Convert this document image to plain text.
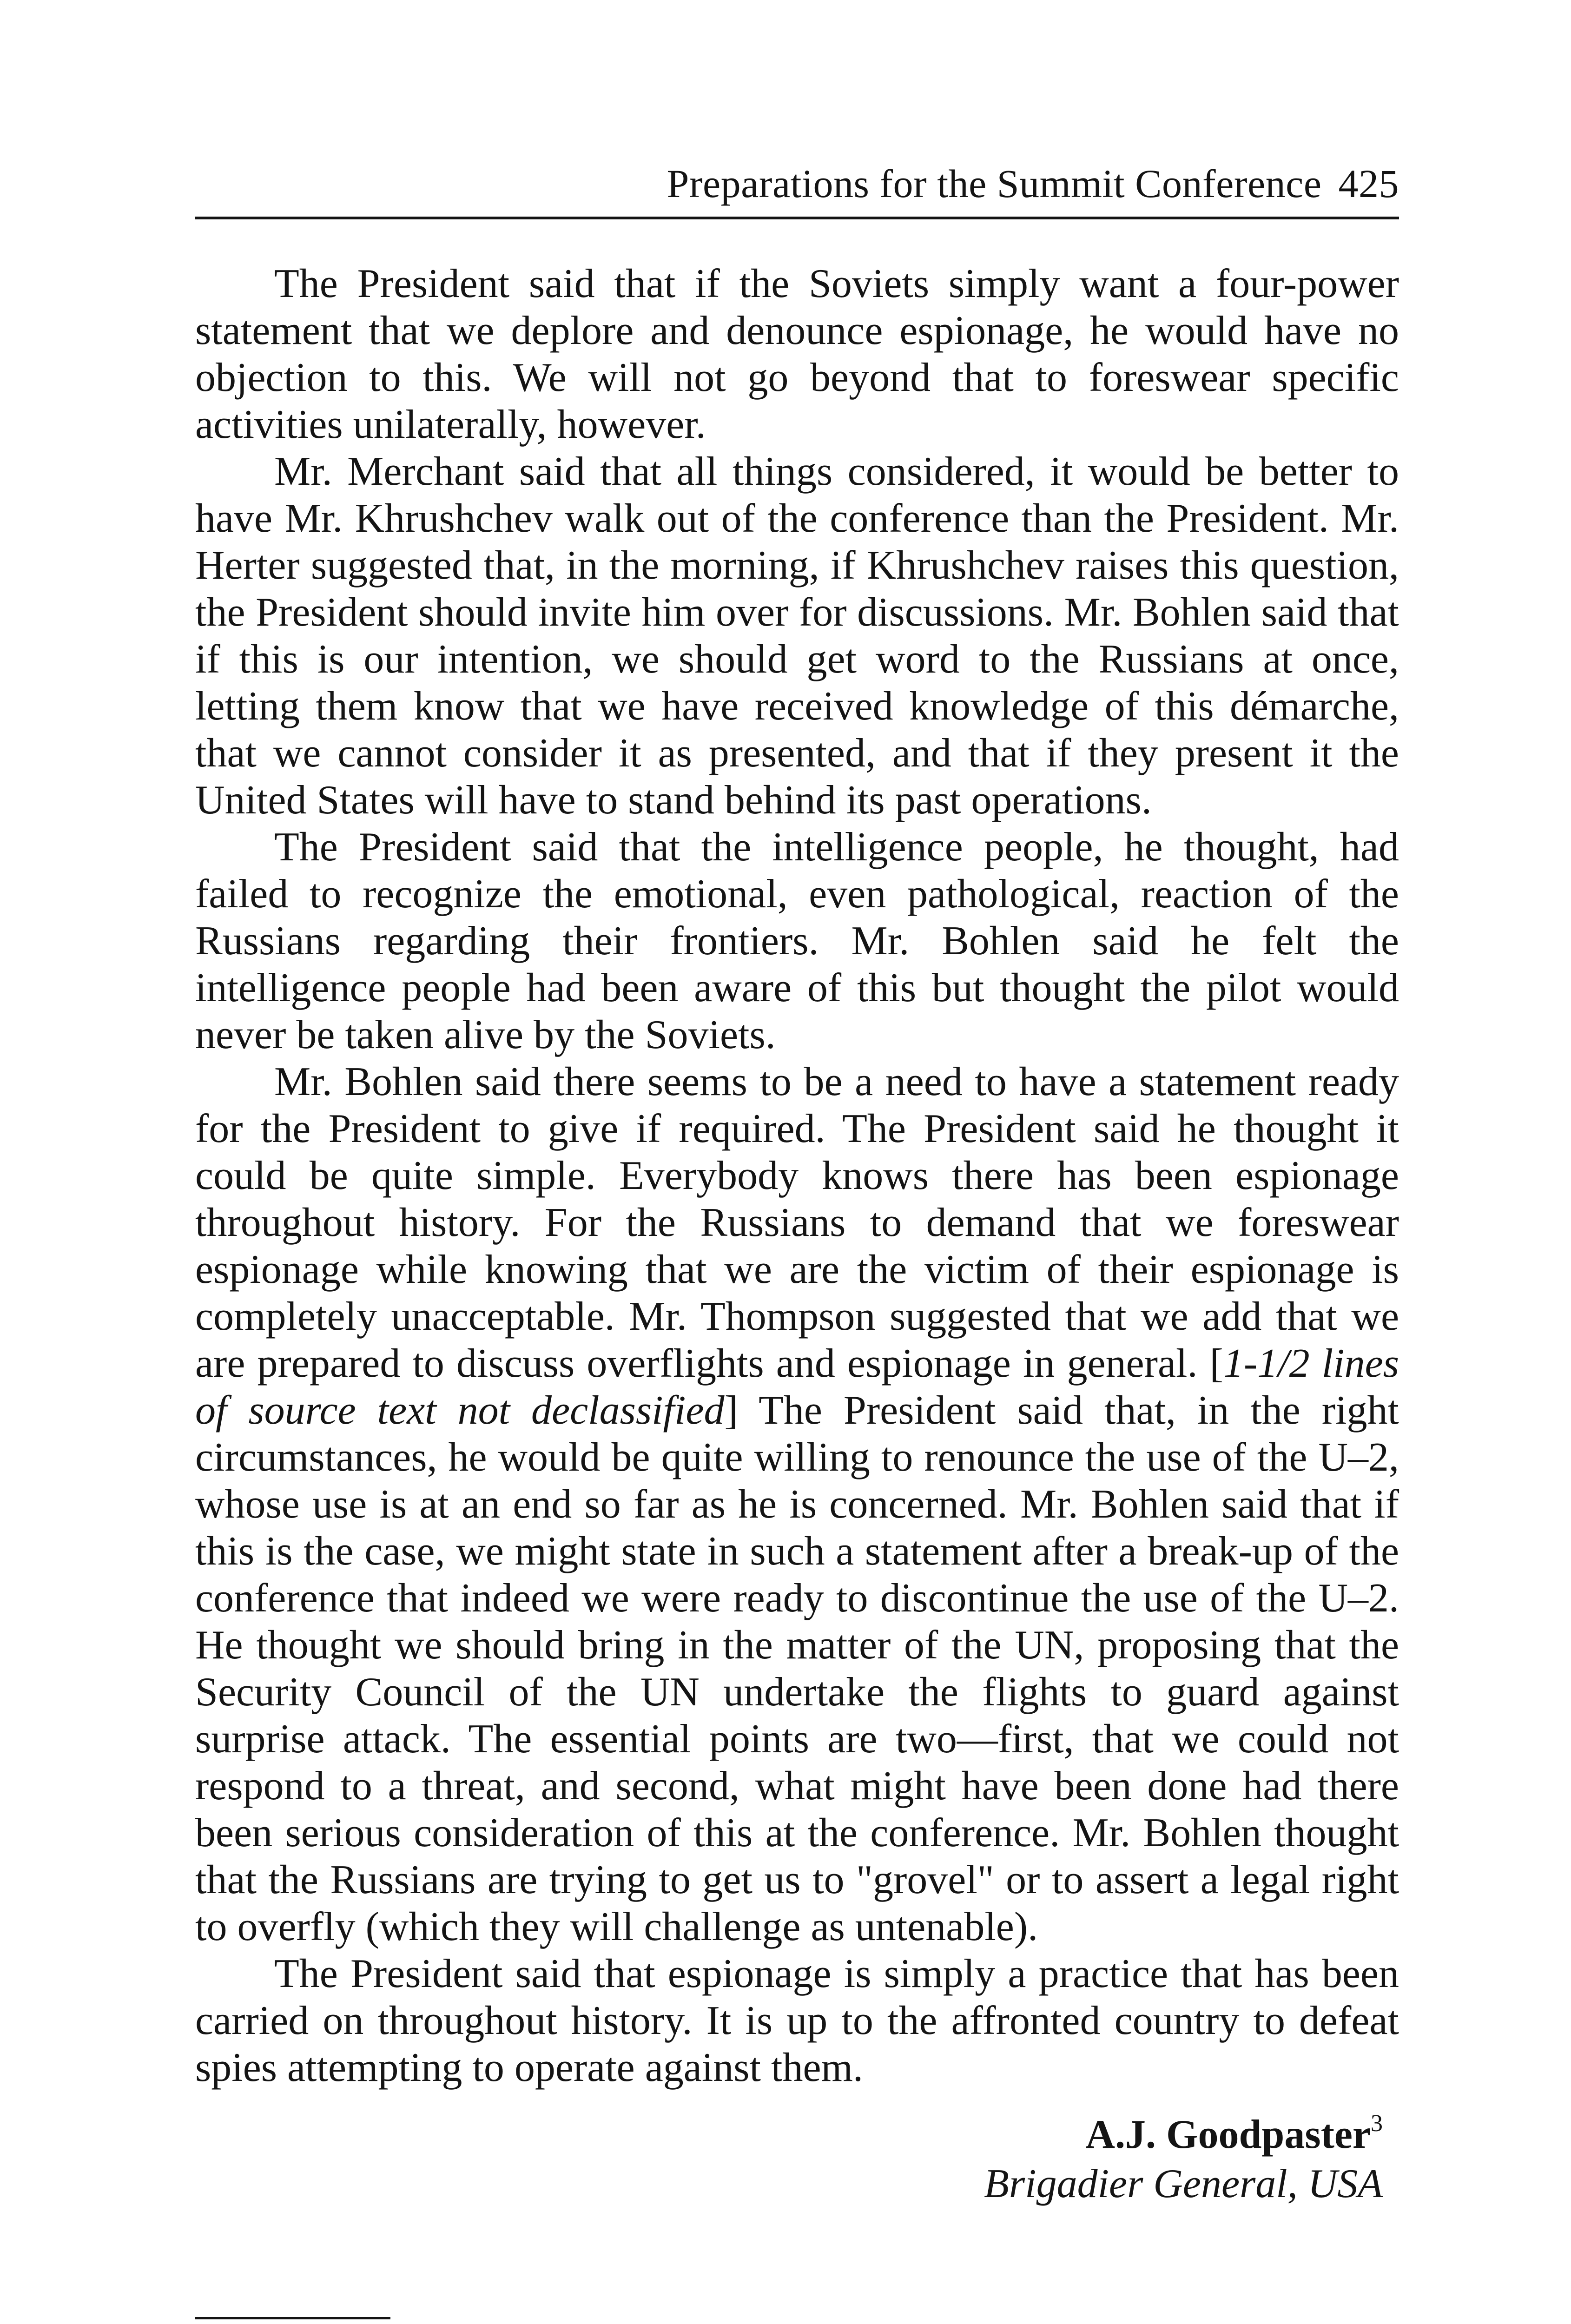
Preparations for the Summit Conference 425

The President said that if the Soviets simply want a four-power statement that we deplore and denounce espionage, he would have no objection to this. We will not go beyond that to foreswear specific activities unilaterally, however.

Mr. Merchant said that all things considered, it would be better to have Mr. Khrushchev walk out of the conference than the President. Mr. Herter suggested that, in the morning, if Khrushchev raises this question, the President should invite him over for discussions. Mr. Bohlen said that if this is our intention, we should get word to the Russians at once, letting them know that we have received knowledge of this démarche, that we cannot consider it as presented, and that if they present it the United States will have to stand behind its past operations.

The President said that the intelligence people, he thought, had failed to recognize the emotional, even pathological, reaction of the Russians regarding their frontiers. Mr. Bohlen said he felt the intelligence people had been aware of this but thought the pilot would never be taken alive by the Soviets.

Mr. Bohlen said there seems to be a need to have a statement ready for the President to give if required. The President said he thought it could be quite simple. Everybody knows there has been espionage throughout history. For the Russians to demand that we foreswear espionage while knowing that we are the victim of their espionage is completely unacceptable. Mr. Thompson suggested that we add that we are prepared to discuss overflights and espionage in general. [1-1/2 lines of source text not declassified] The President said that, in the right circumstances, he would be quite willing to renounce the use of the U–2, whose use is at an end so far as he is concerned. Mr. Bohlen said that if this is the case, we might state in such a statement after a break-up of the conference that indeed we were ready to discontinue the use of the U–2. He thought we should bring in the matter of the UN, proposing that the Security Council of the UN undertake the flights to guard against surprise attack. The essential points are two—first, that we could not respond to a threat, and second, what might have been done had there been serious consideration of this at the conference. Mr. Bohlen thought that the Russians are trying to get us to "grovel" or to assert a legal right to overfly (which they will challenge as untenable).

The President said that espionage is simply a practice that has been carried on throughout history. It is up to the affronted country to defeat spies attempting to operate against them.

A.J. Goodpaster$^3$
Brigadier General, USA
